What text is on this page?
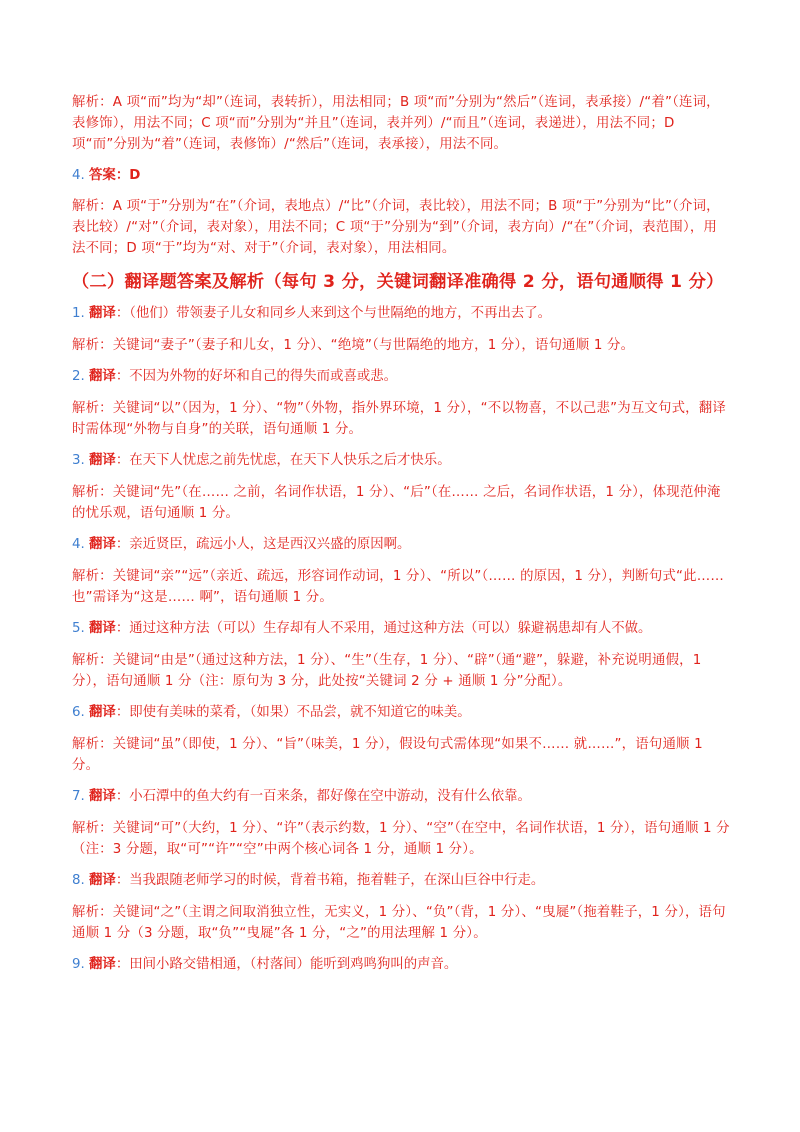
解析：A 项“而”均为“却”（连词，表转折），用法相同；B 项“而”分别为“然后”（连词，表承接）/“着”（连词，表修饰），用法不同；C 项“而”分别为“并且”（连词，表并列）/“而且”（连词，表递进），用法不同；D 项“而”分别为“着”（连词，表修饰）/“然后”（连词，表承接），用法不同。

4. 答案：D

解析：A 项“于”分别为“在”（介词，表地点）/“比”（介词，表比较），用法不同；B 项“于”分别为“比”（介词，表比较）/“对”（介词，表对象），用法不同；C 项“于”分别为“到”（介词，表方向）/“在”（介词，表范围），用法不同；D 项“于”均为“对、对于”（介词，表对象），用法相同。

（二）翻译题答案及解析（每句 3 分，关键词翻译准确得 2 分，语句通顺得 1 分）
1. 翻译：（他们）带领妻子儿女和同乡人来到这个与世隔绝的地方，不再出去了。

解析：关键词“妻子”（妻子和儿女，1 分）、“绝境”（与世隔绝的地方，1 分），语句通顺 1 分。

2. 翻译：不因为外物的好坏和自己的得失而或喜或悲。

解析：关键词“以”（因为，1 分）、“物”（外物，指外界环境，1 分），“不以物喜，不以己悲”为互文句式，翻译时需体现“外物与自身”的关联，语句通顺 1 分。

3. 翻译：在天下人忧虑之前先忧虑，在天下人快乐之后才快乐。

解析：关键词“先”（在…… 之前，名词作状语，1 分）、“后”（在…… 之后，名词作状语，1 分），体现范仲淹的忧乐观，语句通顺 1 分。

4. 翻译：亲近贤臣，疏远小人，这是西汉兴盛的原因啊。

解析：关键词“亲”“远”（亲近、疏远，形容词作动词，1 分）、“所以”（…… 的原因，1 分），判断句式“此…… 也”需译为“这是…… 啊”，语句通顺 1 分。

5. 翻译：通过这种方法（可以）生存却有人不采用，通过这种方法（可以）躲避祸患却有人不做。

解析：关键词“由是”（通过这种方法，1 分）、“生”（生存，1 分）、“辟”（通“避”，躲避，补充说明通假，1 分），语句通顺 1 分（注：原句为 3 分，此处按“关键词 2 分 + 通顺 1 分”分配）。

6. 翻译：即使有美味的菜肴，（如果）不品尝，就不知道它的味美。

解析：关键词“虽”（即使，1 分）、“旨”（味美，1 分），假设句式需体现“如果不…… 就……”，语句通顺 1 分。

7. 翻译：小石潭中的鱼大约有一百来条，都好像在空中游动，没有什么依靠。

解析：关键词“可”（大约，1 分）、“许”（表示约数，1 分）、“空”（在空中，名词作状语，1 分），语句通顺 1 分（注：3 分题，取“可”“许”“空”中两个核心词各 1 分，通顺 1 分）。

8. 翻译：当我跟随老师学习的时候，背着书箱，拖着鞋子，在深山巨谷中行走。

解析：关键词“之”（主谓之间取消独立性，无实义，1 分）、“负”（背，1 分）、“曳屣”（拖着鞋子，1 分），语句通顺 1 分（3 分题，取“负”“曳屣”各 1 分，“之”的用法理解 1 分）。

9. 翻译：田间小路交错相通，（村落间）能听到鸡鸣狗叫的声音。
